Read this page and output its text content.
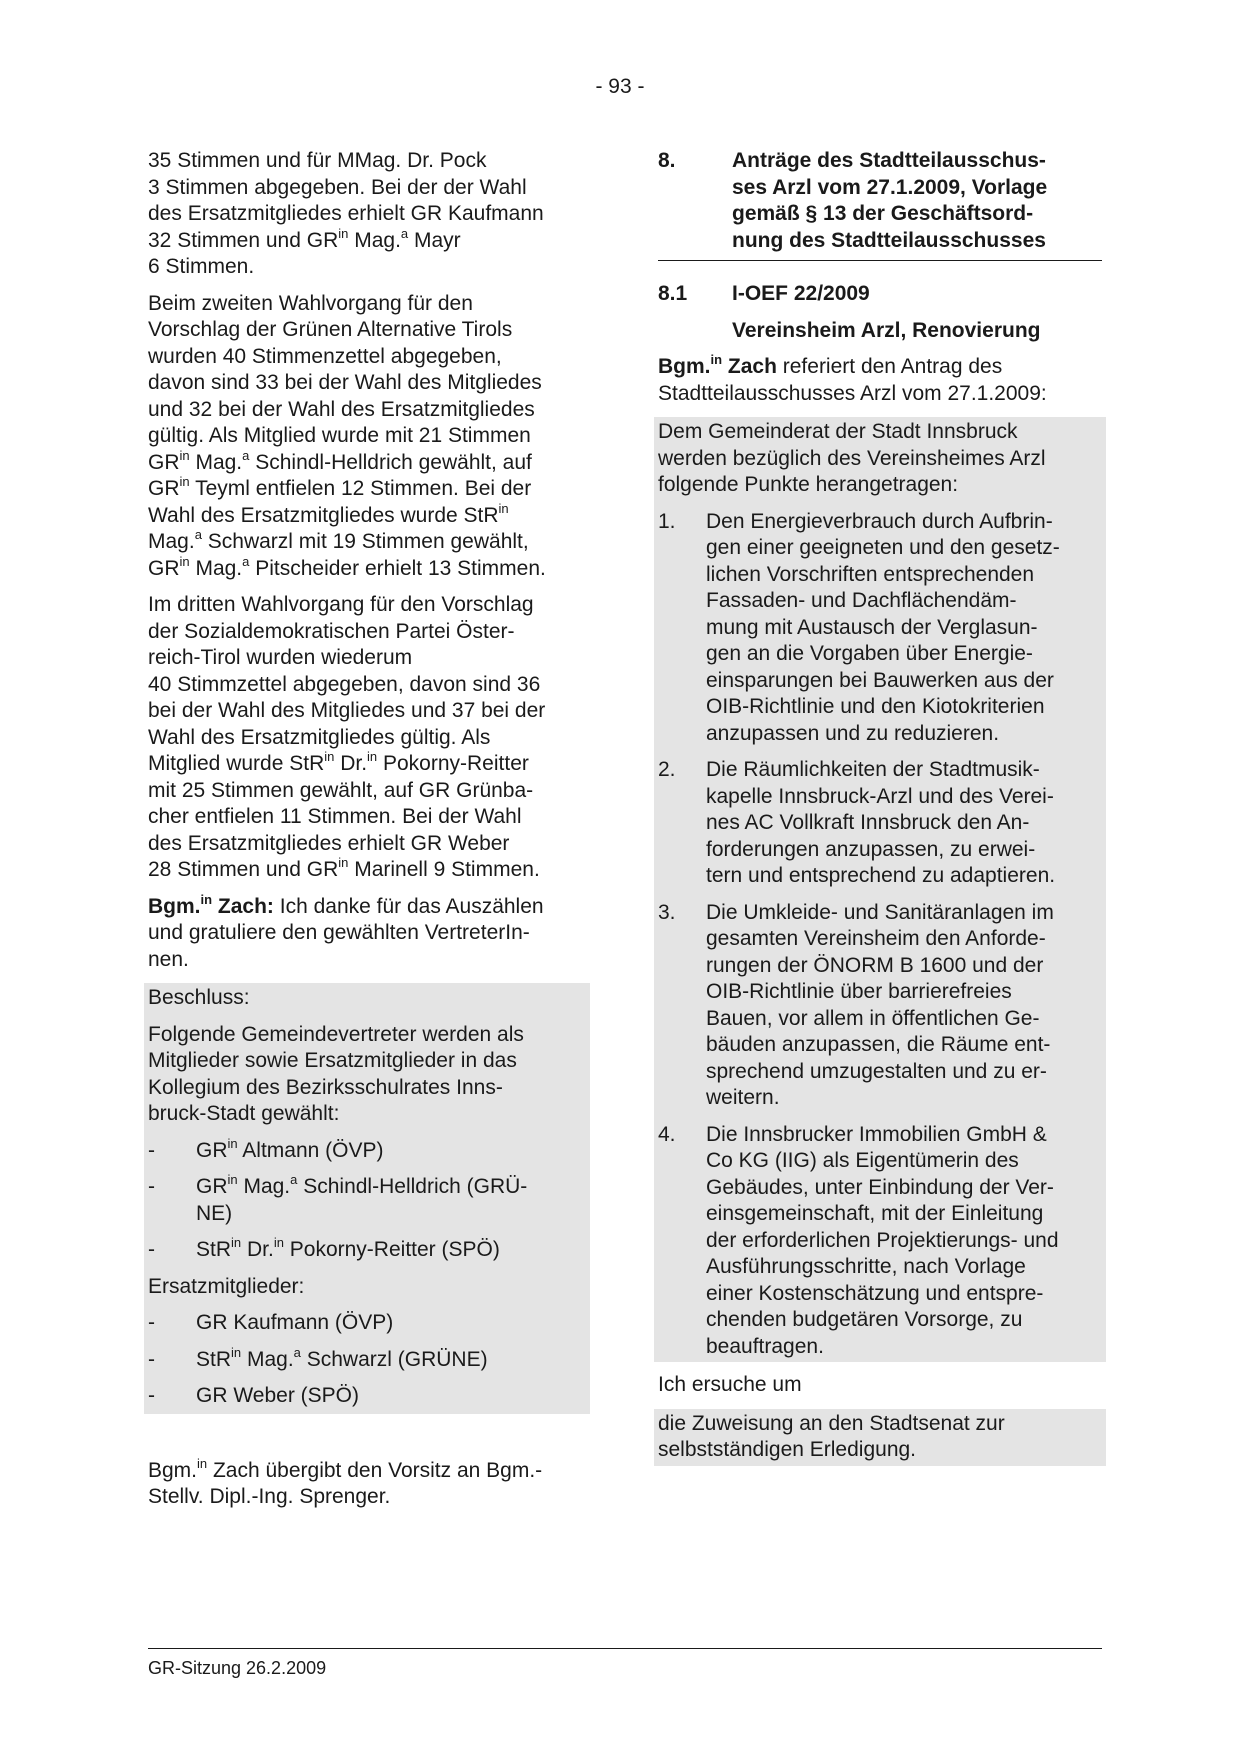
- 93 -

35 Stimmen und für MMag. Dr. Pock
3 Stimmen abgegeben. Bei der der Wahl
des Ersatzmitgliedes erhielt GR Kaufmann
32 Stimmen und $GR^{in}$ Mag.$^a$ Mayr
6 Stimmen.

Beim zweiten Wahlvorgang für den
Vorschlag der Grünen Alternative Tirols
wurden 40 Stimmenzettel abgegeben,
davon sind 33 bei der Wahl des Mitgliedes
und 32 bei der Wahl des Ersatzmitgliedes
gültig. Als Mitglied wurde mit 21 Stimmen
$GR^{in}$ Mag.$^a$ Schindl-Helldrich gewählt, auf
$GR^{in}$ Teyml entfielen 12 Stimmen. Bei der
Wahl des Ersatzmitgliedes wurde StR$^{in}$
Mag.$^a$ Schwarzl mit 19 Stimmen gewählt,
$GR^{in}$ Mag.$^a$ Pitscheider erhielt 13 Stimmen.

Im dritten Wahlvorgang für den Vorschlag
der Sozialdemokratischen Partei Öster-
reich-Tirol wurden wiederum
40 Stimmzettel abgegeben, davon sind 36
bei der Wahl des Mitgliedes und 37 bei der
Wahl des Ersatzmitgliedes gültig. Als
Mitglied wurde StR$^{in}$ Dr.$^{in}$ Pokorny-Reitter
mit 25 Stimmen gewählt, auf GR Grünba-
cher entfielen 11 Stimmen. Bei der Wahl
des Ersatzmitgliedes erhielt GR Weber
28 Stimmen und $GR^{in}$ Marinell 9 Stimmen.

Bgm.$^{in}$ Zach: Ich danke für das Auszählen
und gratuliere den gewählten VertreterIn-
nen.

Beschluss:

Folgende Gemeindevertreter werden als
Mitglieder sowie Ersatzmitglieder in das
Kollegium des Bezirksschulrates Inns-
bruck-Stadt gewählt:

- $GR^{in}$ Altmann (ÖVP)
- $GR^{in}$ Mag.$^a$ Schindl-Helldrich (GRÜ-
NE)
- StR$^{in}$ Dr.$^{in}$ Pokorny-Reitter (SPÖ)

Ersatzmitglieder:

- GR Kaufmann (ÖVP)
- StR$^{in}$ Mag.$^a$ Schwarzl (GRÜNE)
- GR Weber (SPÖ)

Bgm.$^{in}$ Zach übergibt den Vorsitz an Bgm.-
Stellv. Dipl.-Ing. Sprenger.

8.	Anträge des Stadtteilausschus-
ses Arzl vom 27.1.2009, Vorlage
gemäß § 13 der Geschäftsord-
nung des Stadtteilausschusses
8.1 I-OEF 22/2009
Vereinsheim Arzl, Renovierung

Bgm.$^{in}$ Zach referiert den Antrag des
Stadtteilausschusses Arzl vom 27.1.2009:

Dem Gemeinderat der Stadt Innsbruck
werden bezüglich des Vereinsheimes Arzl
folgende Punkte herangetragen:

1. Den Energieverbrauch durch Aufbrin-
gen einer geeigneten und den gesetz-
lichen Vorschriften entsprechenden
Fassaden- und Dachflächendäm-
mung mit Austausch der Verglasun-
gen an die Vorgaben über Energie-
einsparungen bei Bauwerken aus der
OIB-Richtlinie und den Kiotokriterien
anzupassen und zu reduzieren.
2. Die Räumlichkeiten der Stadtmusik-
kapelle Innsbruck-Arzl und des Verei-
nes AC Vollkraft Innsbruck den An-
forderungen anzupassen, zu erwei-
tern und entsprechend zu adaptieren.
3. Die Umkleide- und Sanitäranlagen im
gesamten Vereinsheim den Anforde-
rungen der ÖNORM B 1600 und der
OIB-Richtlinie über barrierefreies
Bauen, vor allem in öffentlichen Ge-
bäuden anzupassen, die Räume ent-
sprechend umzugestalten und zu er-
weitern.
4. Die Innsbrucker Immobilien GmbH &
Co KG (IIG) als Eigentümerin des
Gebäudes, unter Einbindung der Ver-
einsgemeinschaft, mit der Einleitung
der erforderlichen Projektierungs- und
Ausführungsschritte, nach Vorlage
einer Kostenschätzung und entspre-
chenden budgetären Vorsorge, zu
beauftragen.

Ich ersuche um

die Zuweisung an den Stadtsenat zur
selbstständigen Erledigung.
GR-Sitzung 26.2.2009
